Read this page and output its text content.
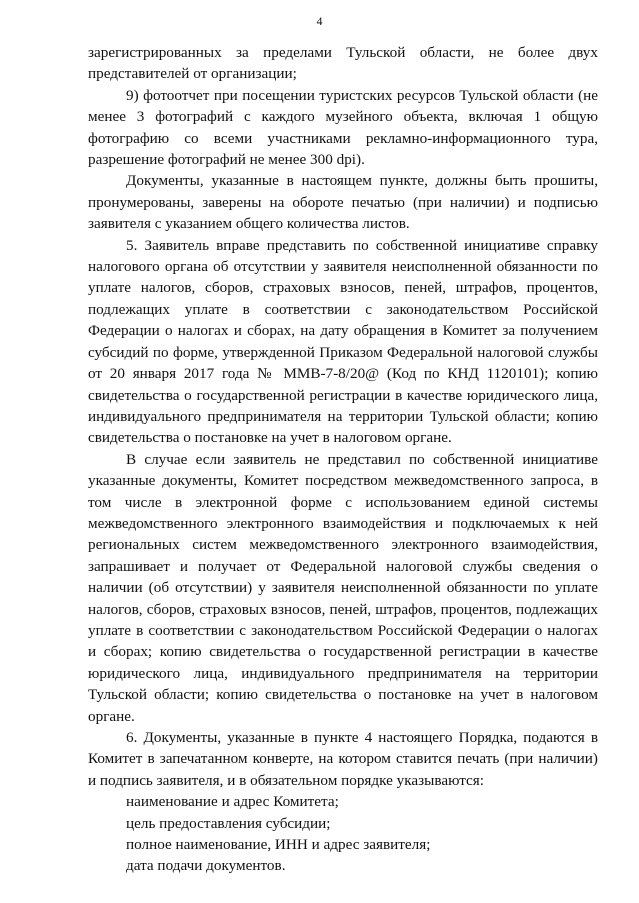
4

зарегистрированных за пределами Тульской области, не более двух представителей от организации;

9) фотоотчет при посещении туристских ресурсов Тульской области (не менее 3 фотографий с каждого музейного объекта, включая 1 общую фотографию со всеми участниками рекламно-информационного тура, разрешение фотографий не менее 300 dpi).

Документы, указанные в настоящем пункте, должны быть прошиты, пронумерованы, заверены на обороте печатью (при наличии) и подписью заявителя с указанием общего количества листов.

5. Заявитель вправе представить по собственной инициативе справку налогового органа об отсутствии у заявителя неисполненной обязанности по уплате налогов, сборов, страховых взносов, пеней, штрафов, процентов, подлежащих уплате в соответствии с законодательством Российской Федерации о налогах и сборах, на дату обращения в Комитет за получением субсидий по форме, утвержденной Приказом Федеральной налоговой службы от 20 января 2017 года № ММВ-7-8/20@ (Код по КНД 1120101); копию свидетельства о государственной регистрации в качестве юридического лица, индивидуального предпринимателя на территории Тульской области; копию свидетельства о постановке на учет в налоговом органе.

В случае если заявитель не представил по собственной инициативе указанные документы, Комитет посредством межведомственного запроса, в том числе в электронной форме с использованием единой системы межведомственного электронного взаимодействия и подключаемых к ней региональных систем межведомственного электронного взаимодействия, запрашивает и получает от Федеральной налоговой службы сведения о наличии (об отсутствии) у заявителя неисполненной обязанности по уплате налогов, сборов, страховых взносов, пеней, штрафов, процентов, подлежащих уплате в соответствии с законодательством Российской Федерации о налогах и сборах; копию свидетельства о государственной регистрации в качестве юридического лица, индивидуального предпринимателя на территории Тульской области; копию свидетельства о постановке на учет в налоговом органе.

6. Документы, указанные в пункте 4 настоящего Порядка, подаются в Комитет в запечатанном конверте, на котором ставится печать (при наличии) и подпись заявителя, и в обязательном порядке указываются:

наименование и адрес Комитета;

цель предоставления субсидии;

полное наименование, ИНН и адрес заявителя;

дата подачи документов.
